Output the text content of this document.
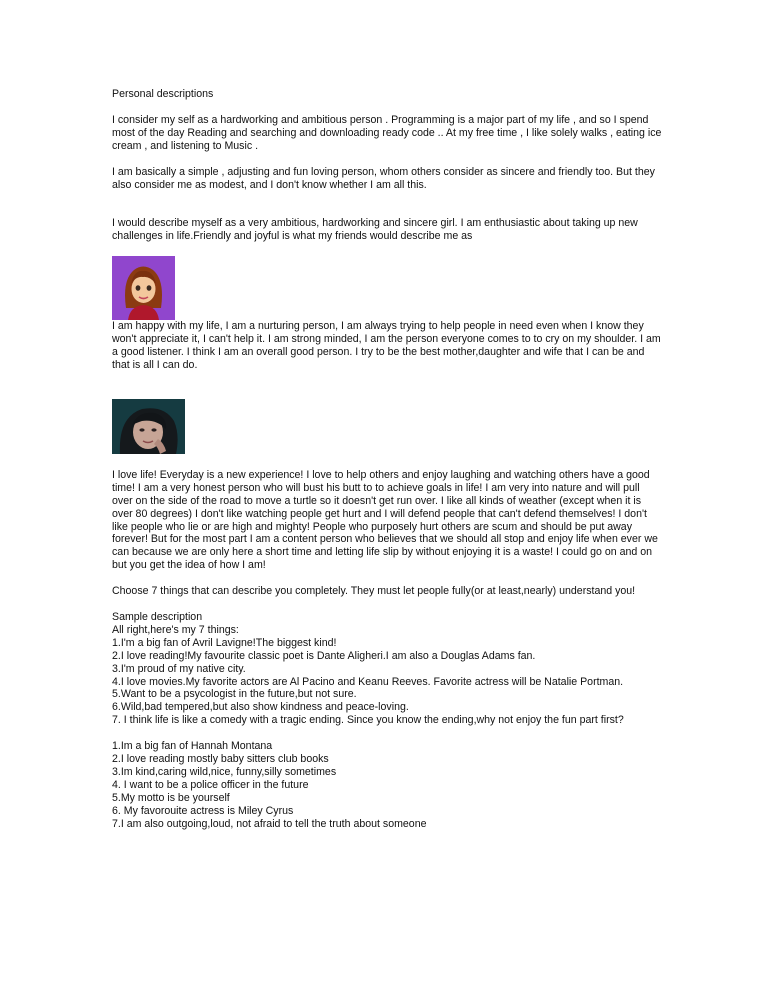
Personal descriptions

I consider my self as a hardworking and ambitious person . Programming is a major part of my life , and so I spend most of the day Reading and searching and downloading ready code .. At my free time , I like solely walks , eating ice cream , and listening to Music .

I am basically a simple , adjusting and fun loving person, whom others consider as sincere and friendly too. But they also consider me as modest, and I don't know whether I am all this.

I would describe myself as a very ambitious, hardworking and sincere girl. I am enthusiastic about taking up new challenges in life.Friendly and joyful is what my friends would describe me as

I am happy with my life, I am a nurturing person, I am always trying to help people in need even when I know they won't appreciate it, I can't help it. I am strong minded, I am the person everyone comes to to cry on my shoulder. I am a good listener. I think I am an overall good person. I try to be the best mother,daughter and wife that I can be and that is all I can do.

I love life! Everyday is a new experience! I love to help others and enjoy laughing and watching others have a good time! I am a very honest person who will bust his butt to to achieve goals in life! I am very into nature and will pull over on the side of the road to move a turtle so it doesn't get run over. I like all kinds of weather (except when it is over 80 degrees) I don't like watching people get hurt and I will defend people that can't defend themselves! I don't like people who lie or are high and mighty! People who purposely hurt others are scum and should be put away forever! But for the most part I am a content person who believes that we should all stop and enjoy life when ever we can because we are only here a short time and letting life slip by without enjoying it is a waste! I could go on and on but you get the idea of how I am!

Choose 7 things that can describe you completely. They must let people fully(or at least,nearly) understand you!

Sample description
All right,here's my 7 things:
1.I'm a big fan of Avril Lavigne!The biggest kind!
2.I love reading!My favourite classic poet is Dante Aligheri.I am also a Douglas Adams fan.
3.I'm proud of my native city.
4.I love movies.My favorite actors are Al Pacino and Keanu Reeves. Favorite actress will be Natalie Portman.
5.Want to be a psycologist in the future,but not sure.
6.Wild,bad tempered,but also show kindness and peace-loving.
7. I think life is like a comedy with a tragic ending. Since you know the ending,why not enjoy the fun part first?
1.Im a big fan of Hannah Montana
2.I love reading mostly baby sitters club books
3.Im kind,caring wild,nice, funny,silly sometimes
4. I want to be a police officer in the future
5.My motto is be yourself
6. My favorouite actress is Miley Cyrus
7.I am also outgoing,loud, not afraid to tell the truth about someone
